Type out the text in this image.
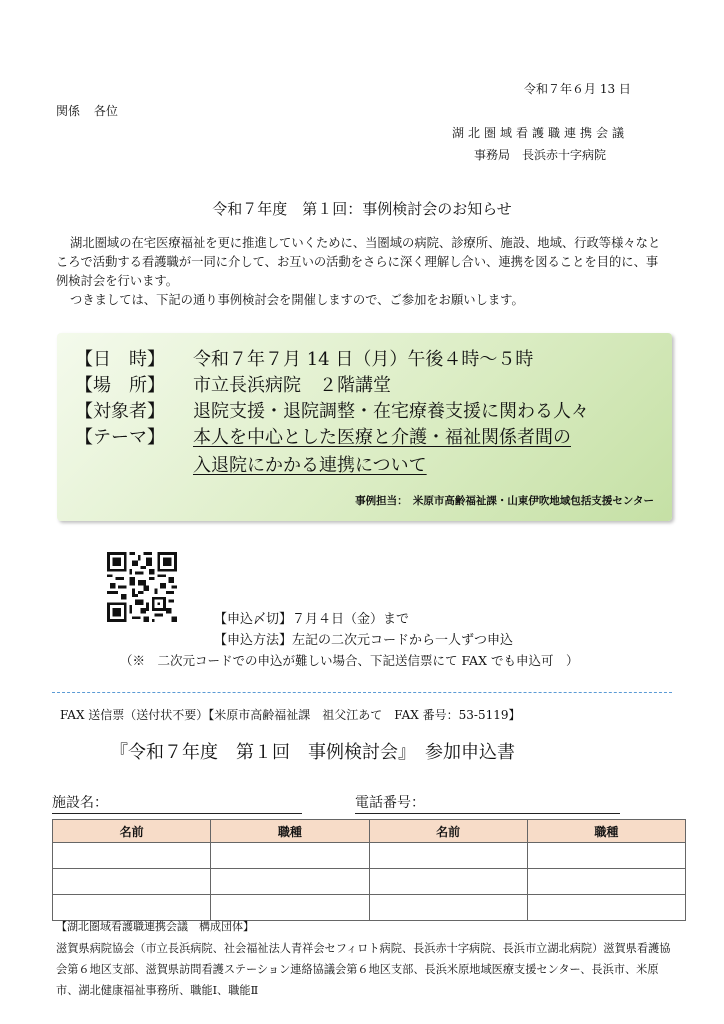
令和７年６月 13 日
関係 各位
湖北圏域看護職連携会議
事務局　長浜赤十字病院
令和７年度　第１回：事例検討会のお知らせ

湖北圏域の在宅医療福祉を更に推進していくために、当圏域の病院、診療所、施設、地域、行政等様々なところで活動する看護職が一同に介して、お互いの活動をさらに深く理解し合い、連携を図ることを目的に、事例検討会を行います。

つきましては、下記の通り事例検討会を開催しますので、ご参加をお願いします。

【日　時】 令和７年７月 14 日（月）午後４時～５時
【場　所】 市立長浜病院　２階講堂
【対象者】 退院支援・退院調整・在宅療養支援に関わる人々
【テーマ】 本人を中心とした医療と介護・福祉関係者間の
入退院にかかる連携について
事例担当：　米原市高齢福祉課・山東伊吹地域包括支援センター
【申込〆切】７月４日（金）まで
【申込方法】左記の二次元コードから一人ずつ申込
（※　二次元コードでの申込が難しい場合、下記送信票にて FAX でも申込可　）
FAX 送信票（送付状不要）【米原市高齢福祉課　祖父江あて　FAX 番号：53-5119】
『令和７年度　第１回　事例検討会』　参加申込書
施設名：	電話番号：
名前	職種	名前	職種

【湖北圏域看護職連携会議　構成団体】
滋賀県病院協会（市立長浜病院、社会福祉法人青祥会セフィロト病院、長浜赤十字病院、長浜市立湖北病院）滋賀県看護協会第６地区支部、滋賀県訪問看護ステーション連絡協議会第６地区支部、長浜米原地域医療支援センター、長浜市、米原市、湖北健康福祉事務所、職能Ⅰ、職能Ⅱ
